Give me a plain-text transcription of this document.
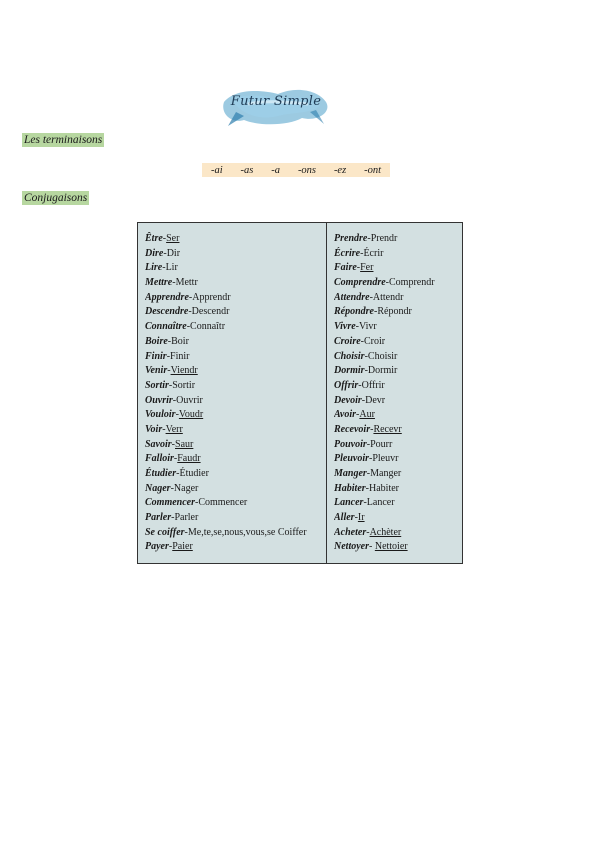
Futur Simple
Les terminaisons
-ai -as -a -ons -ez -ont
Conjugaisons
Être-Ser
Dire-Dir
Lire-Lir
Mettre-Mettr
Apprendre-Apprendr
Descendre-Descendr
Connaître-Connaîtr
Boire-Boir
Finir-Finir
Venir-Viendr
Sortir-Sortir
Ouvrir-Ouvrir
Vouloir-Voudr
Voir-Verr
Savoir-Saur
Falloir-Faudr
Étudier-Étudier
Nager-Nager
Commencer-Commencer
Parler-Parler
Se coiffer-Me,te,se,nous,vous,se Coiffer
Payer-Paier
Prendre-Prendr
Écrire-Écrir
Faire-Fer
Comprendre-Comprendr
Attendre-Attendr
Répondre-Répondr
Vivre-Vivr
Croire-Croir
Choisir-Choisir
Dormir-Dormir
Offrir-Offrir
Devoir-Devr
Avoir-Aur
Recevoir-Recevr
Pouvoir-Pourr
Pleuvoir-Pleuvr
Manger-Manger
Habiter-Habiter
Lancer-Lancer
Aller-Ir
Acheter-Achèter
Nettoyer- Nettoier
